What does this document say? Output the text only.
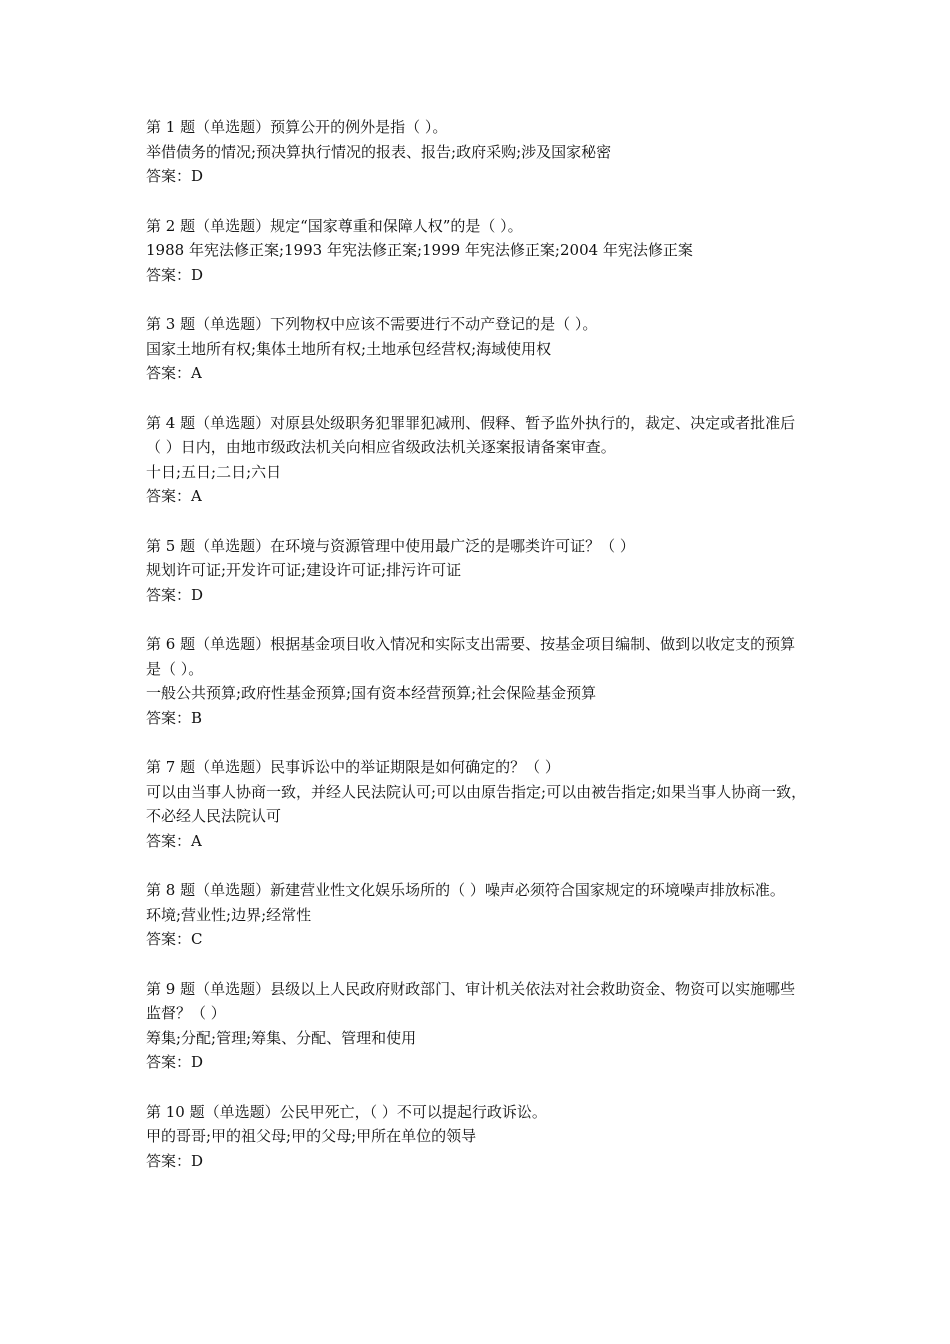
第 1 题（单选题）预算公开的例外是指（ ）。

举借债务的情况;预决算执行情况的报表、报告;政府采购;涉及国家秘密

答案：D

第 2 题（单选题）规定“国家尊重和保障人权”的是（ ）。

1988 年宪法修正案;1993 年宪法修正案;1999 年宪法修正案;2004 年宪法修正案

答案：D

第 3 题（单选题）下列物权中应该不需要进行不动产登记的是（ ）。

国家土地所有权;集体土地所有权;土地承包经营权;海域使用权

答案：A

第 4 题（单选题）对原县处级职务犯罪罪犯减刑、假释、暂予监外执行的，裁定、决定或者批准后（ ）日内，由地市级政法机关向相应省级政法机关逐案报请备案审查。

十日;五日;二日;六日

答案：A

第 5 题（单选题）在环境与资源管理中使用最广泛的是哪类许可证？（ ）

规划许可证;开发许可证;建设许可证;排污许可证

答案：D

第 6 题（单选题）根据基金项目收入情况和实际支出需要、按基金项目编制、做到以收定支的预算是（ ）。

一般公共预算;政府性基金预算;国有资本经营预算;社会保险基金预算

答案：B

第 7 题（单选题）民事诉讼中的举证期限是如何确定的？（ ）

可以由当事人协商一致，并经人民法院认可;可以由原告指定;可以由被告指定;如果当事人协商一致，不必经人民法院认可

答案：A

第 8 题（单选题）新建营业性文化娱乐场所的（ ）噪声必须符合国家规定的环境噪声排放标准。

环境;营业性;边界;经常性

答案：C

第 9 题（单选题）县级以上人民政府财政部门、审计机关依法对社会救助资金、物资可以实施哪些监督？（ ）

筹集;分配;管理;筹集、分配、管理和使用

答案：D

第 10 题（单选题）公民甲死亡，（ ）不可以提起行政诉讼。

甲的哥哥;甲的祖父母;甲的父母;甲所在单位的领导

答案：D
